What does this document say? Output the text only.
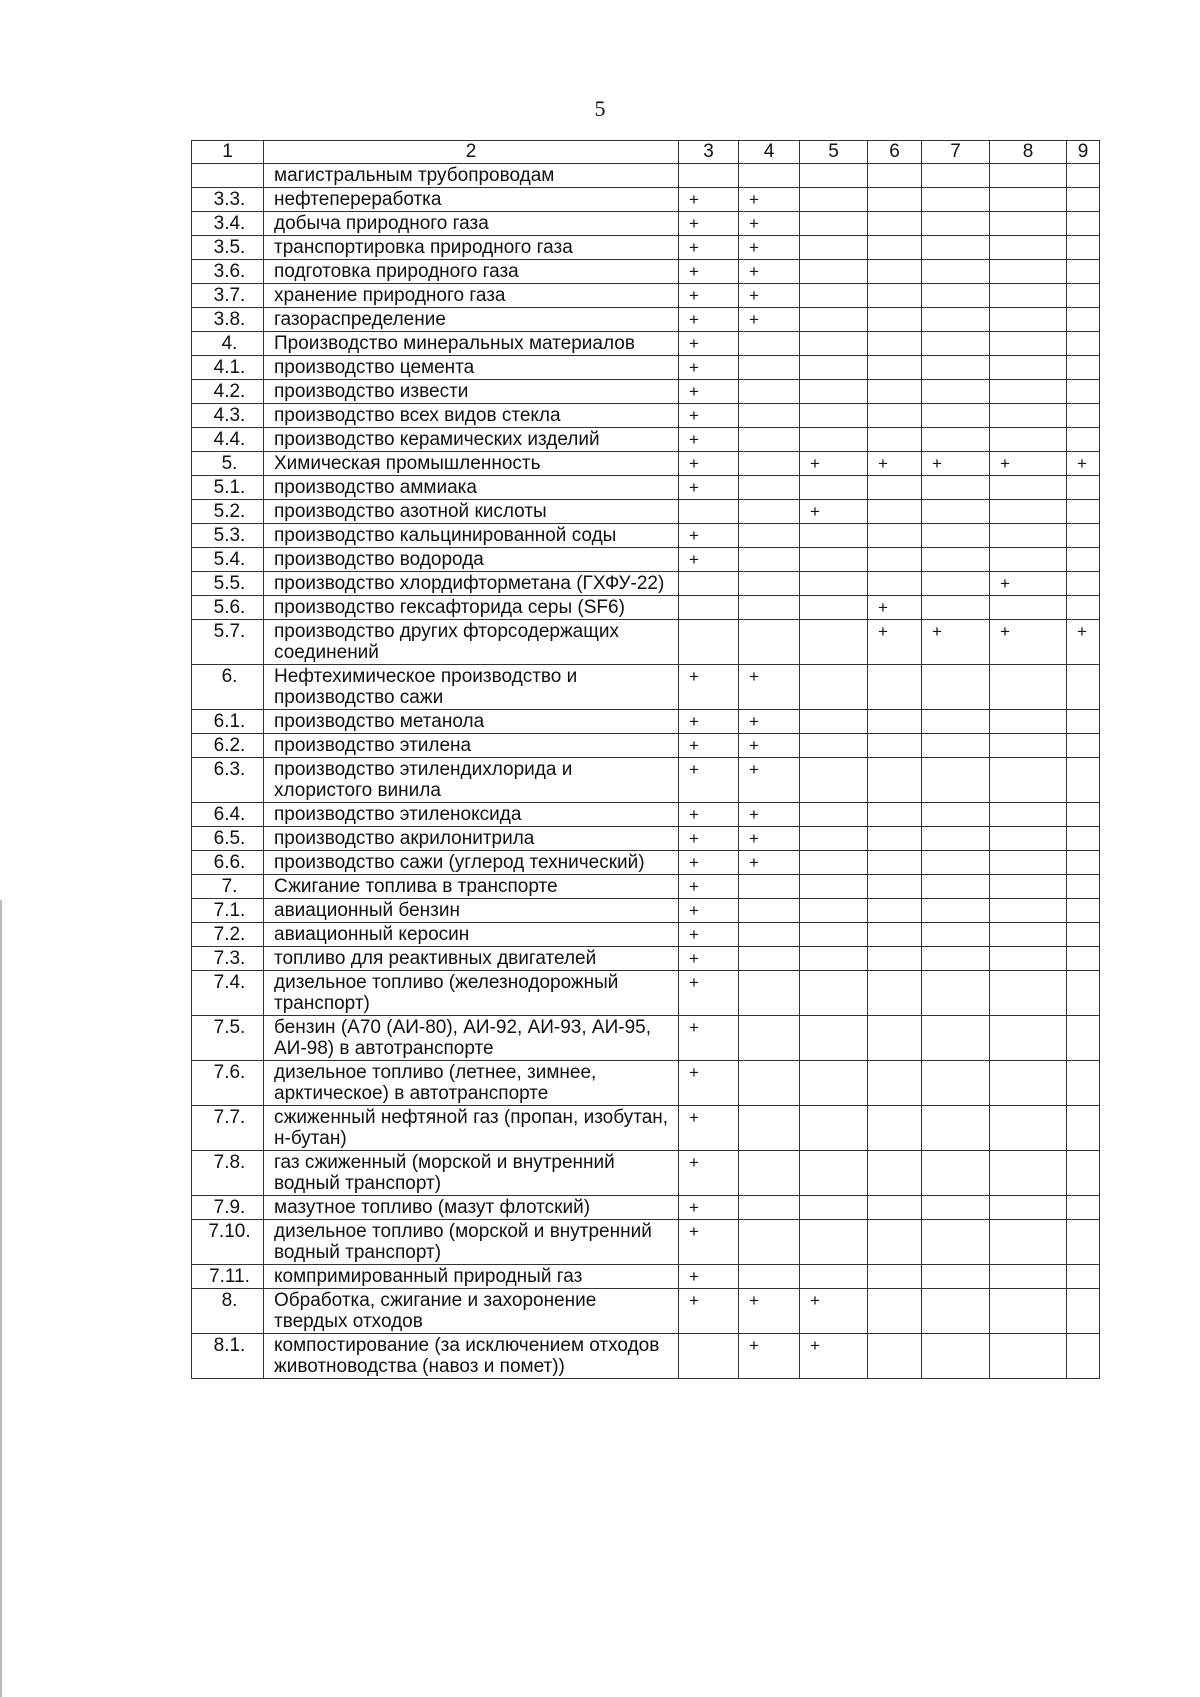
5
1	2	3	4	5	6	7	8	9
	магистральным трубопроводам							
3.3.	нефтепереработка	+	+					
3.4.	добыча природного газа	+	+					
3.5.	транспортировка природного газа	+	+					
3.6.	подготовка природного газа	+	+					
3.7.	хранение природного газа	+	+					
3.8.	газораспределение	+	+					
4.	Производство минеральных материалов	+						
4.1.	производство цемента	+						
4.2.	производство извести	+						
4.3.	производство всех видов стекла	+						
4.4.	производство керамических изделий	+						
5.	Химическая промышленность	+		+	+	+	+	+
5.1.	производство аммиака	+						
5.2.	производство азотной кислоты			+				
5.3.	производство кальцинированной соды	+						
5.4.	производство водорода	+						
5.5.	производство хлордифторметана (ГХФУ-22)						+	
5.6.	производство гексафторида серы (SF6)				+			
5.7.	производство других фторсодержащих соединений				+	+	+	+
6.	Нефтехимическое производство и производство сажи	+	+					
6.1.	производство метанола	+	+					
6.2.	производство этилена	+	+					
6.3.	производство этилендихлорида и хлористого винила	+	+					
6.4.	производство этиленоксида	+	+					
6.5.	производство акрилонитрила	+	+					
6.6.	производство сажи (углерод технический)	+	+					
7.	Сжигание топлива в транспорте	+						
7.1.	авиационный бензин	+						
7.2.	авиационный керосин	+						
7.3.	топливо для реактивных двигателей	+						
7.4.	дизельное топливо (железнодорожный транспорт)	+						
7.5.	бензин (А70 (АИ-80), АИ-92, АИ-93, АИ-95, АИ-98) в автотранспорте	+						
7.6.	дизельное топливо (летнее, зимнее, арктическое) в автотранспорте	+						
7.7.	сжиженный нефтяной газ (пропан, изобутан, н-бутан)	+						
7.8.	газ сжиженный (морской и внутренний водный транспорт)	+						
7.9.	мазутное топливо (мазут флотский)	+						
7.10.	дизельное топливо (морской и внутренний водный транспорт)	+						
7.11.	компримированный природный газ	+						
8.	Обработка, сжигание и захоронение твердых отходов	+	+	+				
8.1.	компостирование (за исключением отходов животноводства (навоз и помет))		+	+				
